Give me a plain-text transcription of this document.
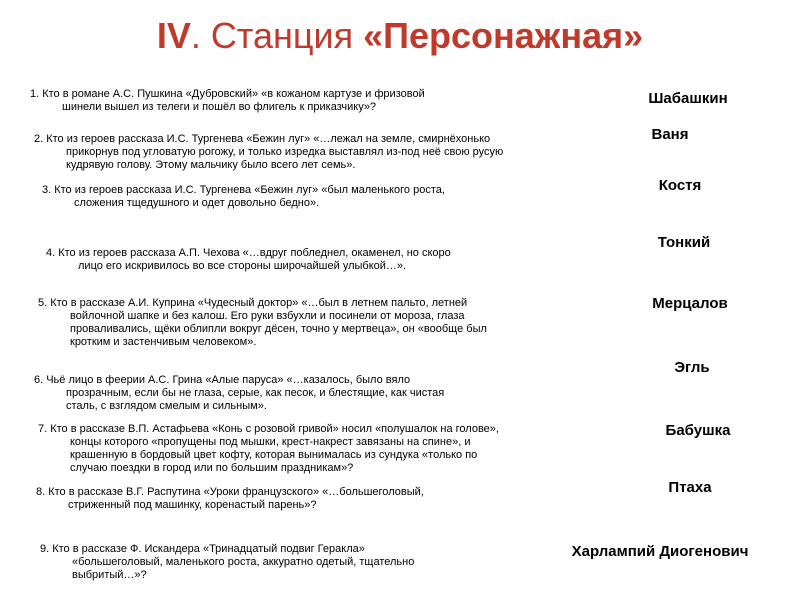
IV. Станция «Персонажная»
1. Кто в романе А.С. Пушкина «Дубровский» «в кожаном картузе и фризовой
шинели вышел из телеги и пошёл во флигель к приказчику»?
2. Кто из героев рассказа И.С. Тургенева «Бежин луг» «…лежал на земле, смирнёхонько
прикорнув под угловатую рогожу, и только изредка выставлял из-под неё свою русую
кудрявую голову. Этому мальчику было всего лет семь».
3. Кто из героев рассказа И.С. Тургенева «Бежин луг» «был маленького роста,
сложения тщедушного и одет довольно бедно».
4. Кто из героев рассказа А.П. Чехова «…вдруг побледнел, окаменел, но скоро
лицо его искривилось во все стороны широчайшей улыбкой…».
5. Кто в рассказе А.И. Куприна «Чудесный доктор» «…был в летнем пальто, летней
войлочной шапке и без калош. Его руки взбухли и посинели от мороза, глаза
проваливались, щёки облипли вокруг дёсен, точно у мертвеца», он «вообще был
кротким и застенчивым человеком».
6. Чьё лицо в феерии А.С. Грина «Алые паруса» «…казалось, было вяло
прозрачным, если бы не глаза, серые, как песок, и блестящие, как чистая
сталь, с взглядом смелым и сильным».
7. Кто в рассказе В.П. Астафьева «Конь с розовой гривой» носил «полушалок на голове»,
концы которого «пропущены под мышки, крест-накрест завязаны на спине», и
крашенную в бордовый цвет кофту, которая вынималась из сундука «только по
случаю поездки в город или по большим праздникам»?
8. Кто в рассказе В.Г. Распутина «Уроки французского» «…большеголовый,
стриженный под машинку, коренастый парень»?
9. Кто в рассказе Ф. Искандера «Тринадцатый подвиг Геракла»
«большеголовый, маленького роста, аккуратно одетый, тщательно
выбритый…»?
Шабашкин
Ваня
Костя
Тонкий
Мерцалов
Эгль
Бабушка
Птаха
Харлампий Диогенович
